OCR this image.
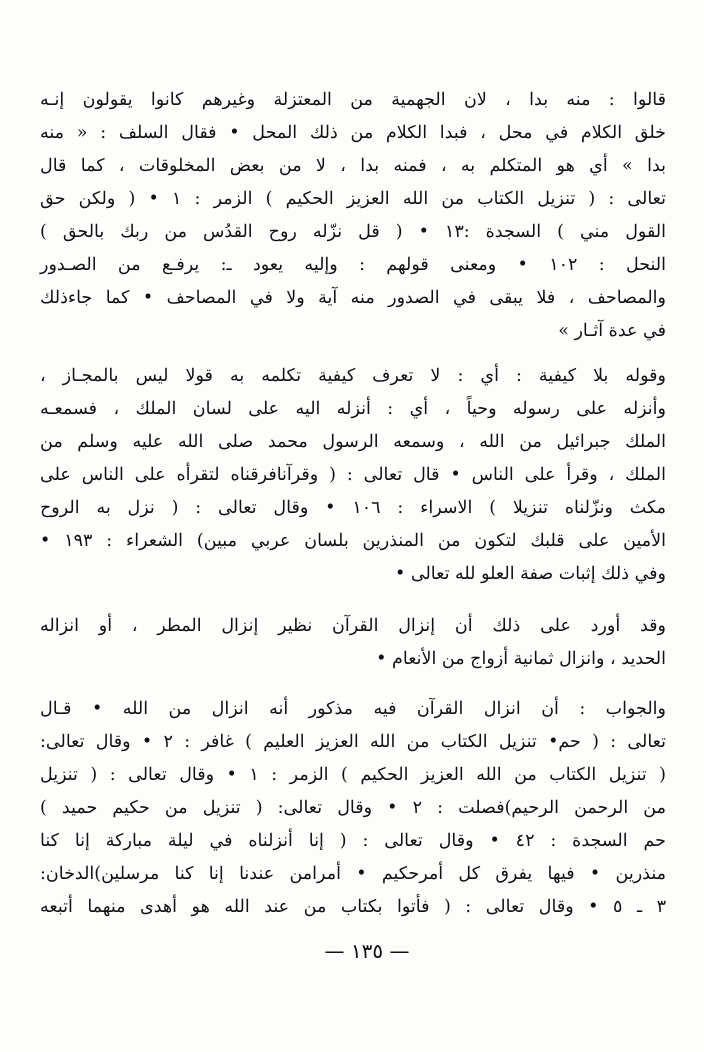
قالوا : منه بدا ، لان الجهمية من المعتزلة وغيرهم كانوا يقولون إنـه
خلق الكلام في محل ، فبدا الكلام من ذلك المحل • فقال السلف : « منه
بدا » أي هو المتكلم به ، فمنه بدا ، لا من بعض المخلوقات ، كما قال
تعالى : ( تنزيل الكتاب من الله العزيز الحكيم ) الزمر : ١ • ( ولكن حق
القول مني ) السجدة :١٣ • ( قل نزّله روح القدُس من ربك بالحق )
النحل : ١٠٢ • ومعنى قولهم : وإليه يعود ـ: يرفـع من الصـدور
والمصاحف ، فلا يبقى في الصدور منه آية ولا في المصاحف • كما جاءذلك
في عدة آثـار »
وقوله بلا كيفية : أي : لا تعرف كيفية تكلمه به قولا ليس بالمجـاز ،
وأنزله على رسوله وحياً ، أي : أنزله اليه على لسان الملك ، فسمعـه
الملك جبرائيل من الله ، وسمعه الرسول محمد صلى الله عليه وسلم من
الملك ، وقرأ على الناس • قال تعالى : ( وقرآنافرقناه لتقرأه على الناس على
مكث ونزّلناه تنزيلا ) الاسراء : ١٠٦ • وقال تعالى : ( نزل به الروح
الأمين على قلبك لتكون من المنذرين بلسان عربي مبين) الشعراء : ١٩٣ •
وفي ذلك إثبات صفة العلو لله تعالى •
وقد أورد على ذلك أن إنزال القرآن نظير إنزال المطر ، أو انزاله
الحديد ، وانزال ثمانية أزواج من الأنعام •
والجواب : أن انزال القرآن فيه مذكور أنه انزال من الله • قـال
تعالى : ( حم• تنزيل الكتاب من الله العزيز العليم ) غافر : ٢ • وقال تعالى:
( تنزيل الكتاب من الله العزيز الحكيم ) الزمر : ١ • وقال تعالى : ( تنزيل
من الرحمن الرحيم)فصلت : ٢ • وقال تعالى: ( تنزيل من حكيم حميد )
حم السجدة : ٤٢ • وقال تعالى : ( إنا أنزلناه في ليلة مباركة إنا كنا
منذرين • فيها يفرق كل أمرحكيم • أمرامن عندنا إنا كنا مرسلين)الدخان:
٣ ـ ٥ • وقال تعالى : ( فأتوا بكتاب من عند الله هو أهدى منهما أتبعه
— ١٣٥ —
